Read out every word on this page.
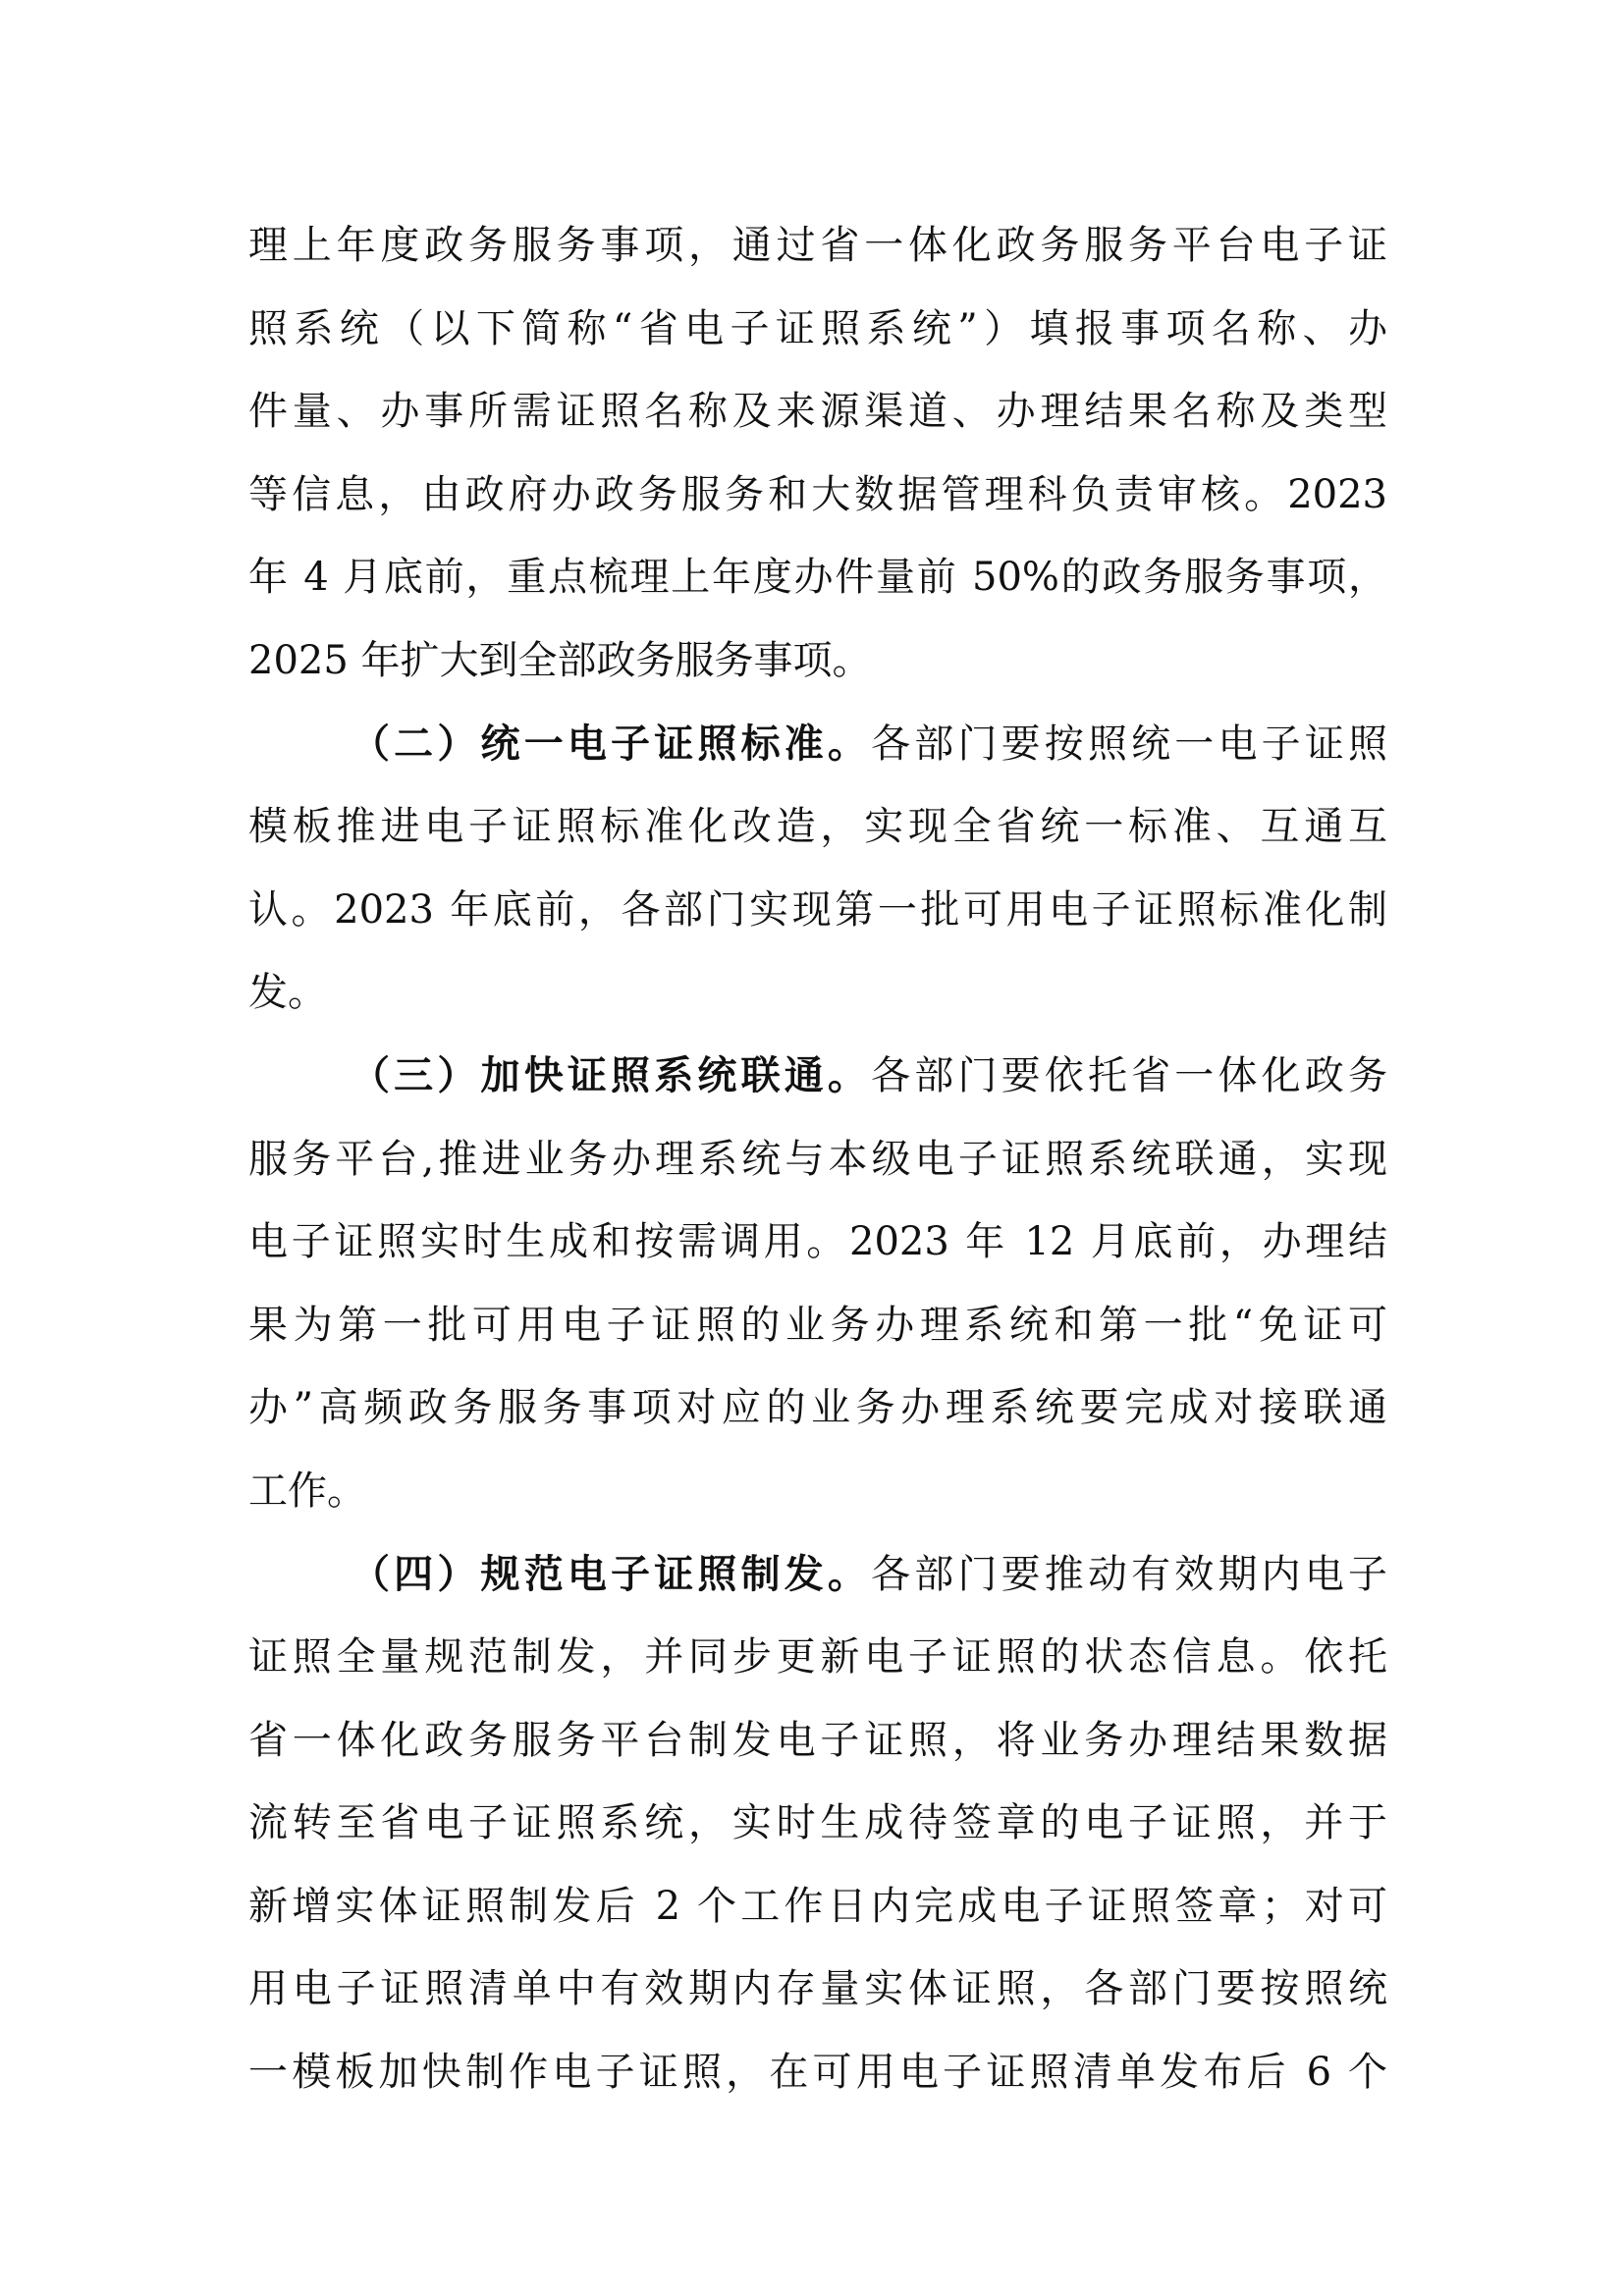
理上年度政务服务事项，通过省一体化政务服务平台电子证
照系统（以下简称“省电子证照系统”）填报事项名称、办
件量、办事所需证照名称及来源渠道、办理结果名称及类型
等信息，由政府办政务服务和大数据管理科负责审核。2023
年 4 月底前，重点梳理上年度办件量前 50%的政务服务事项，
2025 年扩大到全部政务服务事项。
（二）统一电子证照标准。各部门要按照统一电子证照
模板推进电子证照标准化改造，实现全省统一标准、互通互
认。2023 年底前，各部门实现第一批可用电子证照标准化制
发。
（三）加快证照系统联通。各部门要依托省一体化政务
服务平台,推进业务办理系统与本级电子证照系统联通，实现
电子证照实时生成和按需调用。2023 年 12 月底前，办理结
果为第一批可用电子证照的业务办理系统和第一批“免证可
办”高频政务服务事项对应的业务办理系统要完成对接联通
工作。
（四）规范电子证照制发。各部门要推动有效期内电子
证照全量规范制发，并同步更新电子证照的状态信息。依托
省一体化政务服务平台制发电子证照，将业务办理结果数据
流转至省电子证照系统，实时生成待签章的电子证照，并于
新增实体证照制发后 2 个工作日内完成电子证照签章；对可
用电子证照清单中有效期内存量实体证照，各部门要按照统
一模板加快制作电子证照，在可用电子证照清单发布后 6 个
